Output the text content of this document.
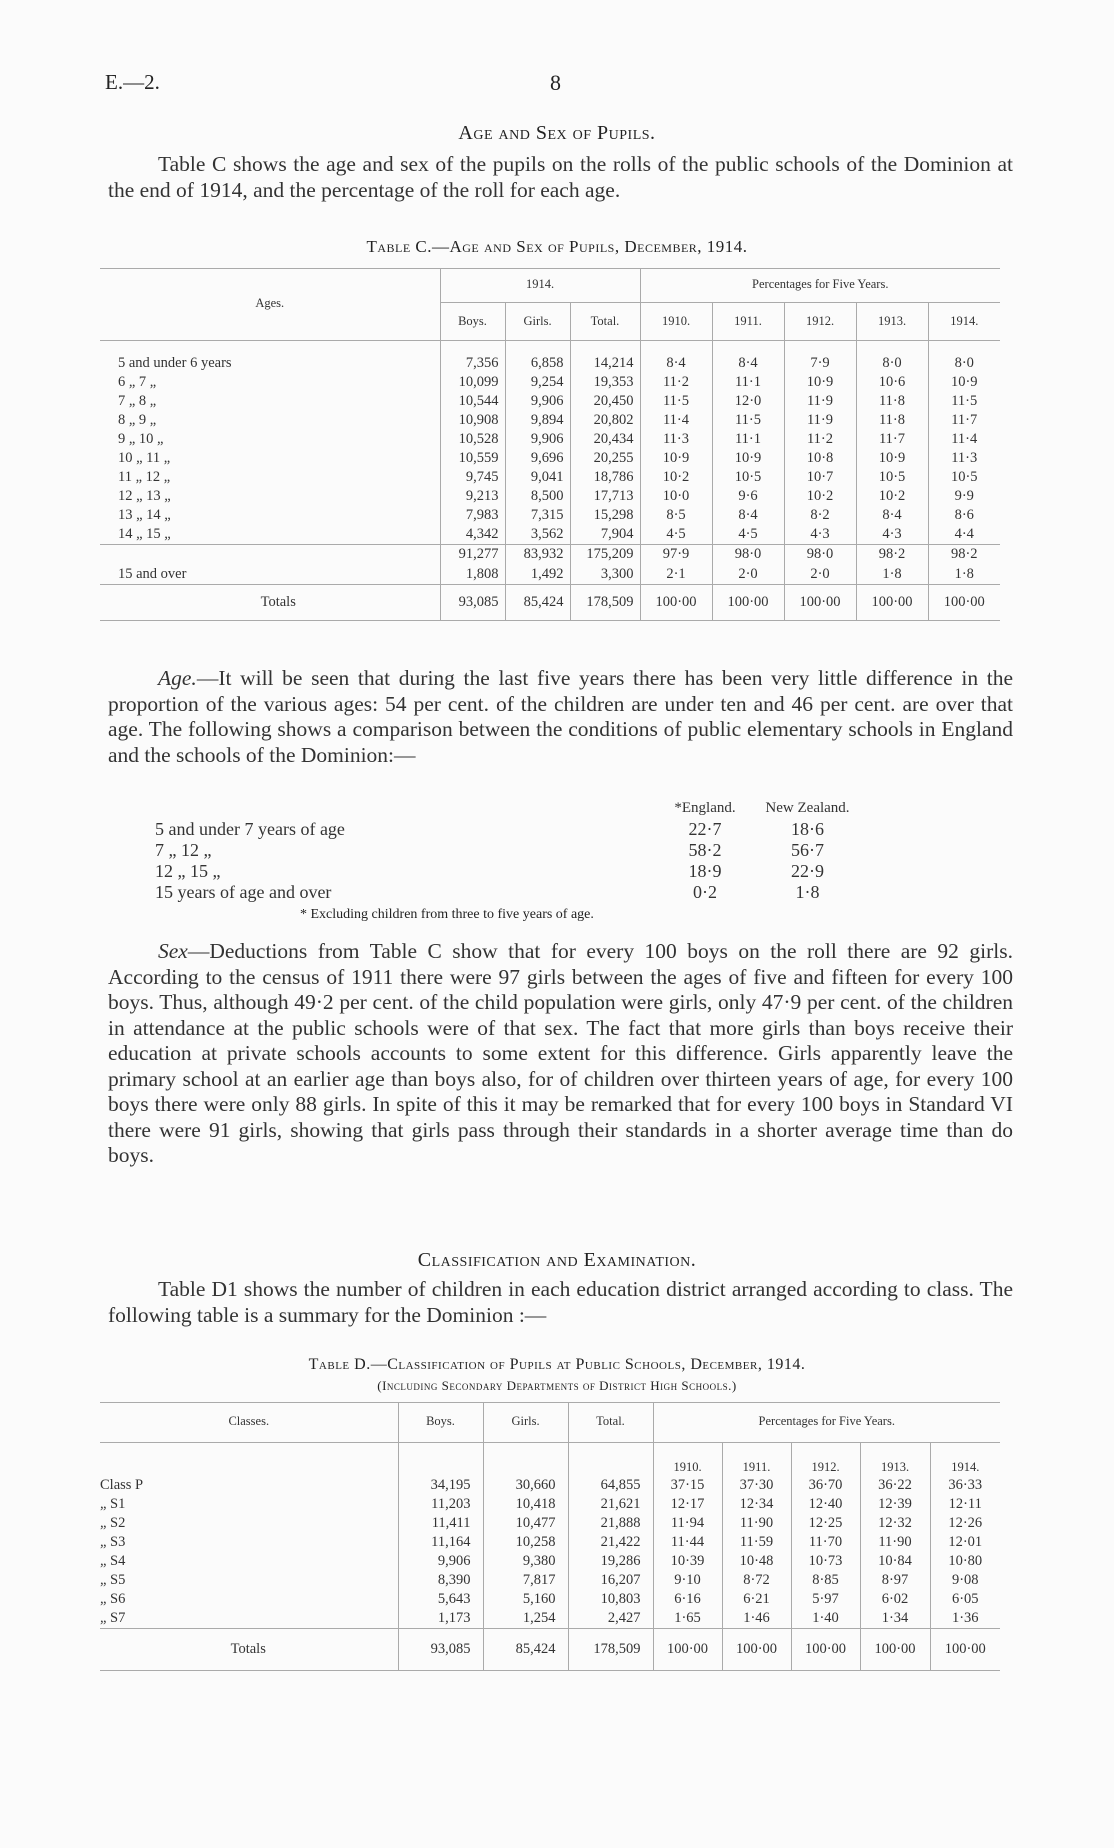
E.—2.	8
Age and Sex of Pupils.
Table C shows the age and sex of the pupils on the rolls of the public schools of the Dominion at the end of 1914, and the percentage of the roll for each age.
Table C.—Age and Sex of Pupils, December, 1914.
Ages.	1914.			Percentages for Five Years.				
	Boys.	Girls.	Total.	1910.	1911.	1912.	1913.	1914.

5 and under 6 years	7,356	6,858	14,214	8·4	8·4	7·9	8·0	8·0
6 „ 7 „	10,099	9,254	19,353	11·2	11·1	10·9	10·6	10·9
7 „ 8 „	10,544	9,906	20,450	11·5	12·0	11·9	11·8	11·5
8 „ 9 „	10,908	9,894	20,802	11·4	11·5	11·9	11·8	11·7
9 „ 10 „	10,528	9,906	20,434	11·3	11·1	11·2	11·7	11·4
10 „ 11 „	10,559	9,696	20,255	10·9	10·9	10·8	10·9	11·3
11 „ 12 „	9,745	9,041	18,786	10·2	10·5	10·7	10·5	10·5
12 „ 13 „	9,213	8,500	17,713	10·0	9·6	10·2	10·2	9·9
13 „ 14 „	7,983	7,315	15,298	8·5	8·4	8·2	8·4	8·6
14 „ 15 „	4,342	3,562	7,904	4·5	4·5	4·3	4·3	4·4
	91,277	83,932	175,209	97·9	98·0	98·0	98·2	98·2
15 and over	1,808	1,492	3,300	2·1	2·0	2·0	1·8	1·8
Totals	93,085	85,424	178,509	100·00	100·00	100·00	100·00	100·00
Age.—It will be seen that during the last five years there has been very little difference in the proportion of the various ages: 54 per cent. of the children are under ten and 46 per cent. are over that age. The following shows a comparison between the conditions of public elementary schools in England and the schools of the Dominion:—
	*England.	New Zealand.
5 and under 7 years of age	22·7	18·6
7 „ 12 „	58·2	56·7
12 „ 15 „	18·9	22·9
15 years of age and over	0·2	1·8
* Excluding children from three to five years of age.
Sex—Deductions from Table C show that for every 100 boys on the roll there are 92 girls. According to the census of 1911 there were 97 girls between the ages of five and fifteen for every 100 boys. Thus, although 49·2 per cent. of the child population were girls, only 47·9 per cent. of the children in attendance at the public schools were of that sex. The fact that more girls than boys receive their education at private schools accounts to some extent for this difference. Girls apparently leave the primary school at an earlier age than boys also, for of children over thirteen years of age, for every 100 boys there were only 88 girls. In spite of this it may be remarked that for every 100 boys in Standard VI there were 91 girls, showing that girls pass through their standards in a shorter average time than do boys.
Classification and Examination.
Table D1 shows the number of children in each education district arranged according to class. The following table is a summary for the Dominion :—
Table D.—Classification of Pupils at Public Schools, December, 1914.
(Including Secondary Departments of District High Schools.)
Classes.	Boys.	Girls.	Total.	Percentages for Five Years.				
				1910.	1911.	1912.	1913.	1914.
Class P	34,195	30,660	64,855	37·15	37·30	36·70	36·22	36·33
„ S1	11,203	10,418	21,621	12·17	12·34	12·40	12·39	12·11
„ S2	11,411	10,477	21,888	11·94	11·90	12·25	12·32	12·26
„ S3	11,164	10,258	21,422	11·44	11·59	11·70	11·90	12·01
„ S4	9,906	9,380	19,286	10·39	10·48	10·73	10·84	10·80
„ S5	8,390	7,817	16,207	9·10	8·72	8·85	8·97	9·08
„ S6	5,643	5,160	10,803	6·16	6·21	5·97	6·02	6·05
„ S7	1,173	1,254	2,427	1·65	1·46	1·40	1·34	1·36
Totals	93,085	85,424	178,509	100·00	100·00	100·00	100·00	100·00
